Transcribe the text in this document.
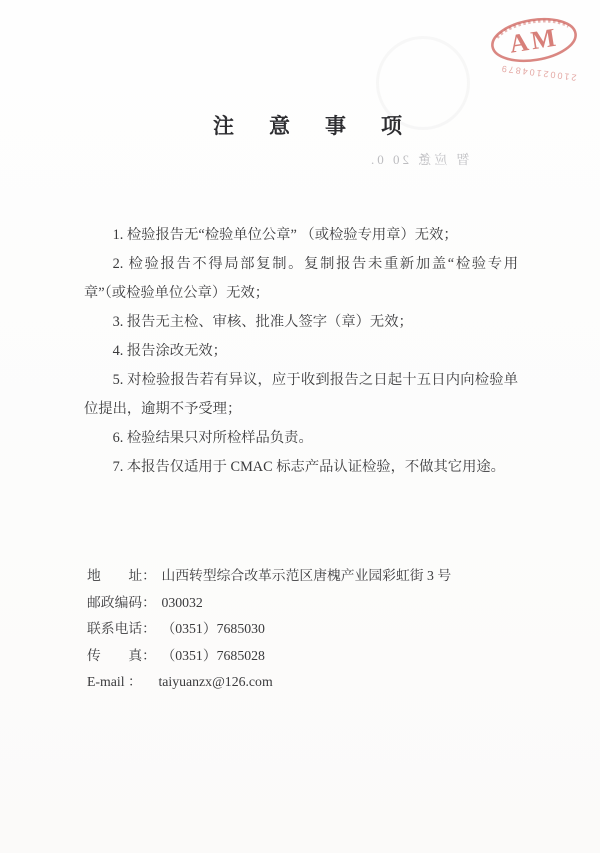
AM
21002104879
注　意　事　项
智 应惫 20 0.

1. 检验报告无“检验单位公章” （或检验专用章）无效；

2. 检验报告不得局部复制。复制报告未重新加盖“检验专用章”（或检验单位公章）无效；

3. 报告无主检、审核、批准人签字（章）无效；

4. 报告涂改无效；

5. 对检验报告若有异议，应于收到报告之日起十五日内向检验单位提出，逾期不予受理；

6. 检验结果只对所检样品负责。

7. 本报告仅适用于 CMAC 标志产品认证检验，不做其它用途。

地　　址： 山西转型综合改革示范区唐槐产业园彩虹街 3 号
邮政编码： 030032
联系电话： （0351）7685030
传　　真： （0351）7685028
E-mail ： taiyuanzx@126.com
